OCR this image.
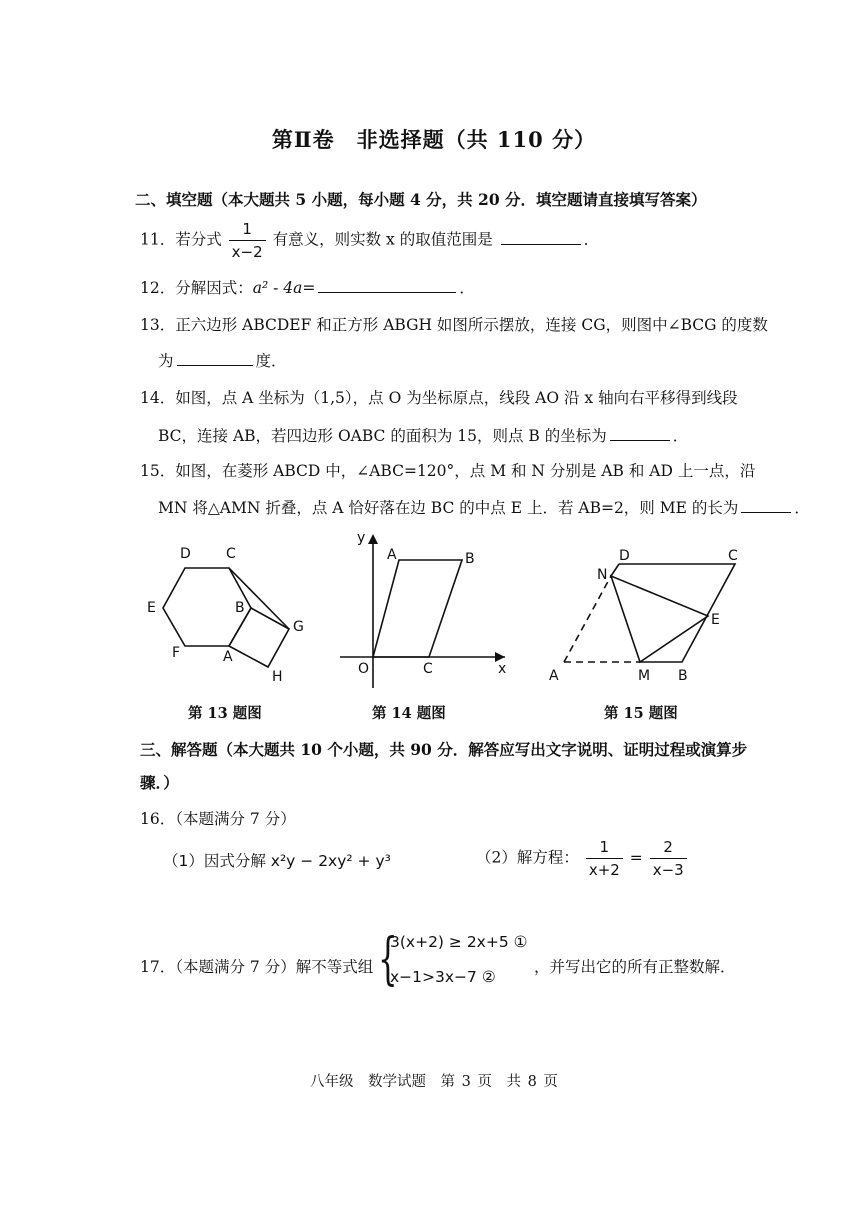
第Ⅱ卷　非选择题（共 110 分）
二、填空题（本大题共 5 小题，每小题 4 分，共 20 分．填空题请直接填写答案）
11．若分式 $\frac{1}{x-2}$ 有意义，则实数 x 的取值范围是	．
12．分解因式：a² - 4a=	．
13．正六边形 ABCDEF 和正方形 ABGH 如图所示摆放，连接 CG，则图中∠BCG 的度数
为	度．
14．如图，点 A 坐标为（1,5），点 O 为坐标原点，线段 AO 沿 x 轴向右平移得到线段
BC，连接 AB，若四边形 OABC 的面积为 15，则点 B 的坐标为	．
15．如图，在菱形 ABCD 中，∠ABC=120°，点 M 和 N 分别是 AB 和 AD 上一点，沿
MN 将△AMN 折叠，点 A 恰好落在边 BC 的中点 E 上．若 AB=2，则 ME 的长为	．
D	C
E	B
G
F	A
H
y
A	B
O	C	x
D	C
N
E
A	M B
第 13 题图	第 14 题图	第 15 题图
三、解答题（本大题共 10 个小题，共 90 分．解答应写出文字说明、证明过程或演算步
骤．）
16．（本题满分 7 分）
（1）因式分解 x²y − 2xy² + y³	（2）解方程： $\frac{1}{x+2} = \frac{2}{x-3}$
17．（本题满分 7 分）解不等式组 {
3(x+2) ≥ 2x+5 ①
x−1>3x−7 ②
，并写出它的所有正整数解．
八年级　数学试题　第 3 页　共 8 页
